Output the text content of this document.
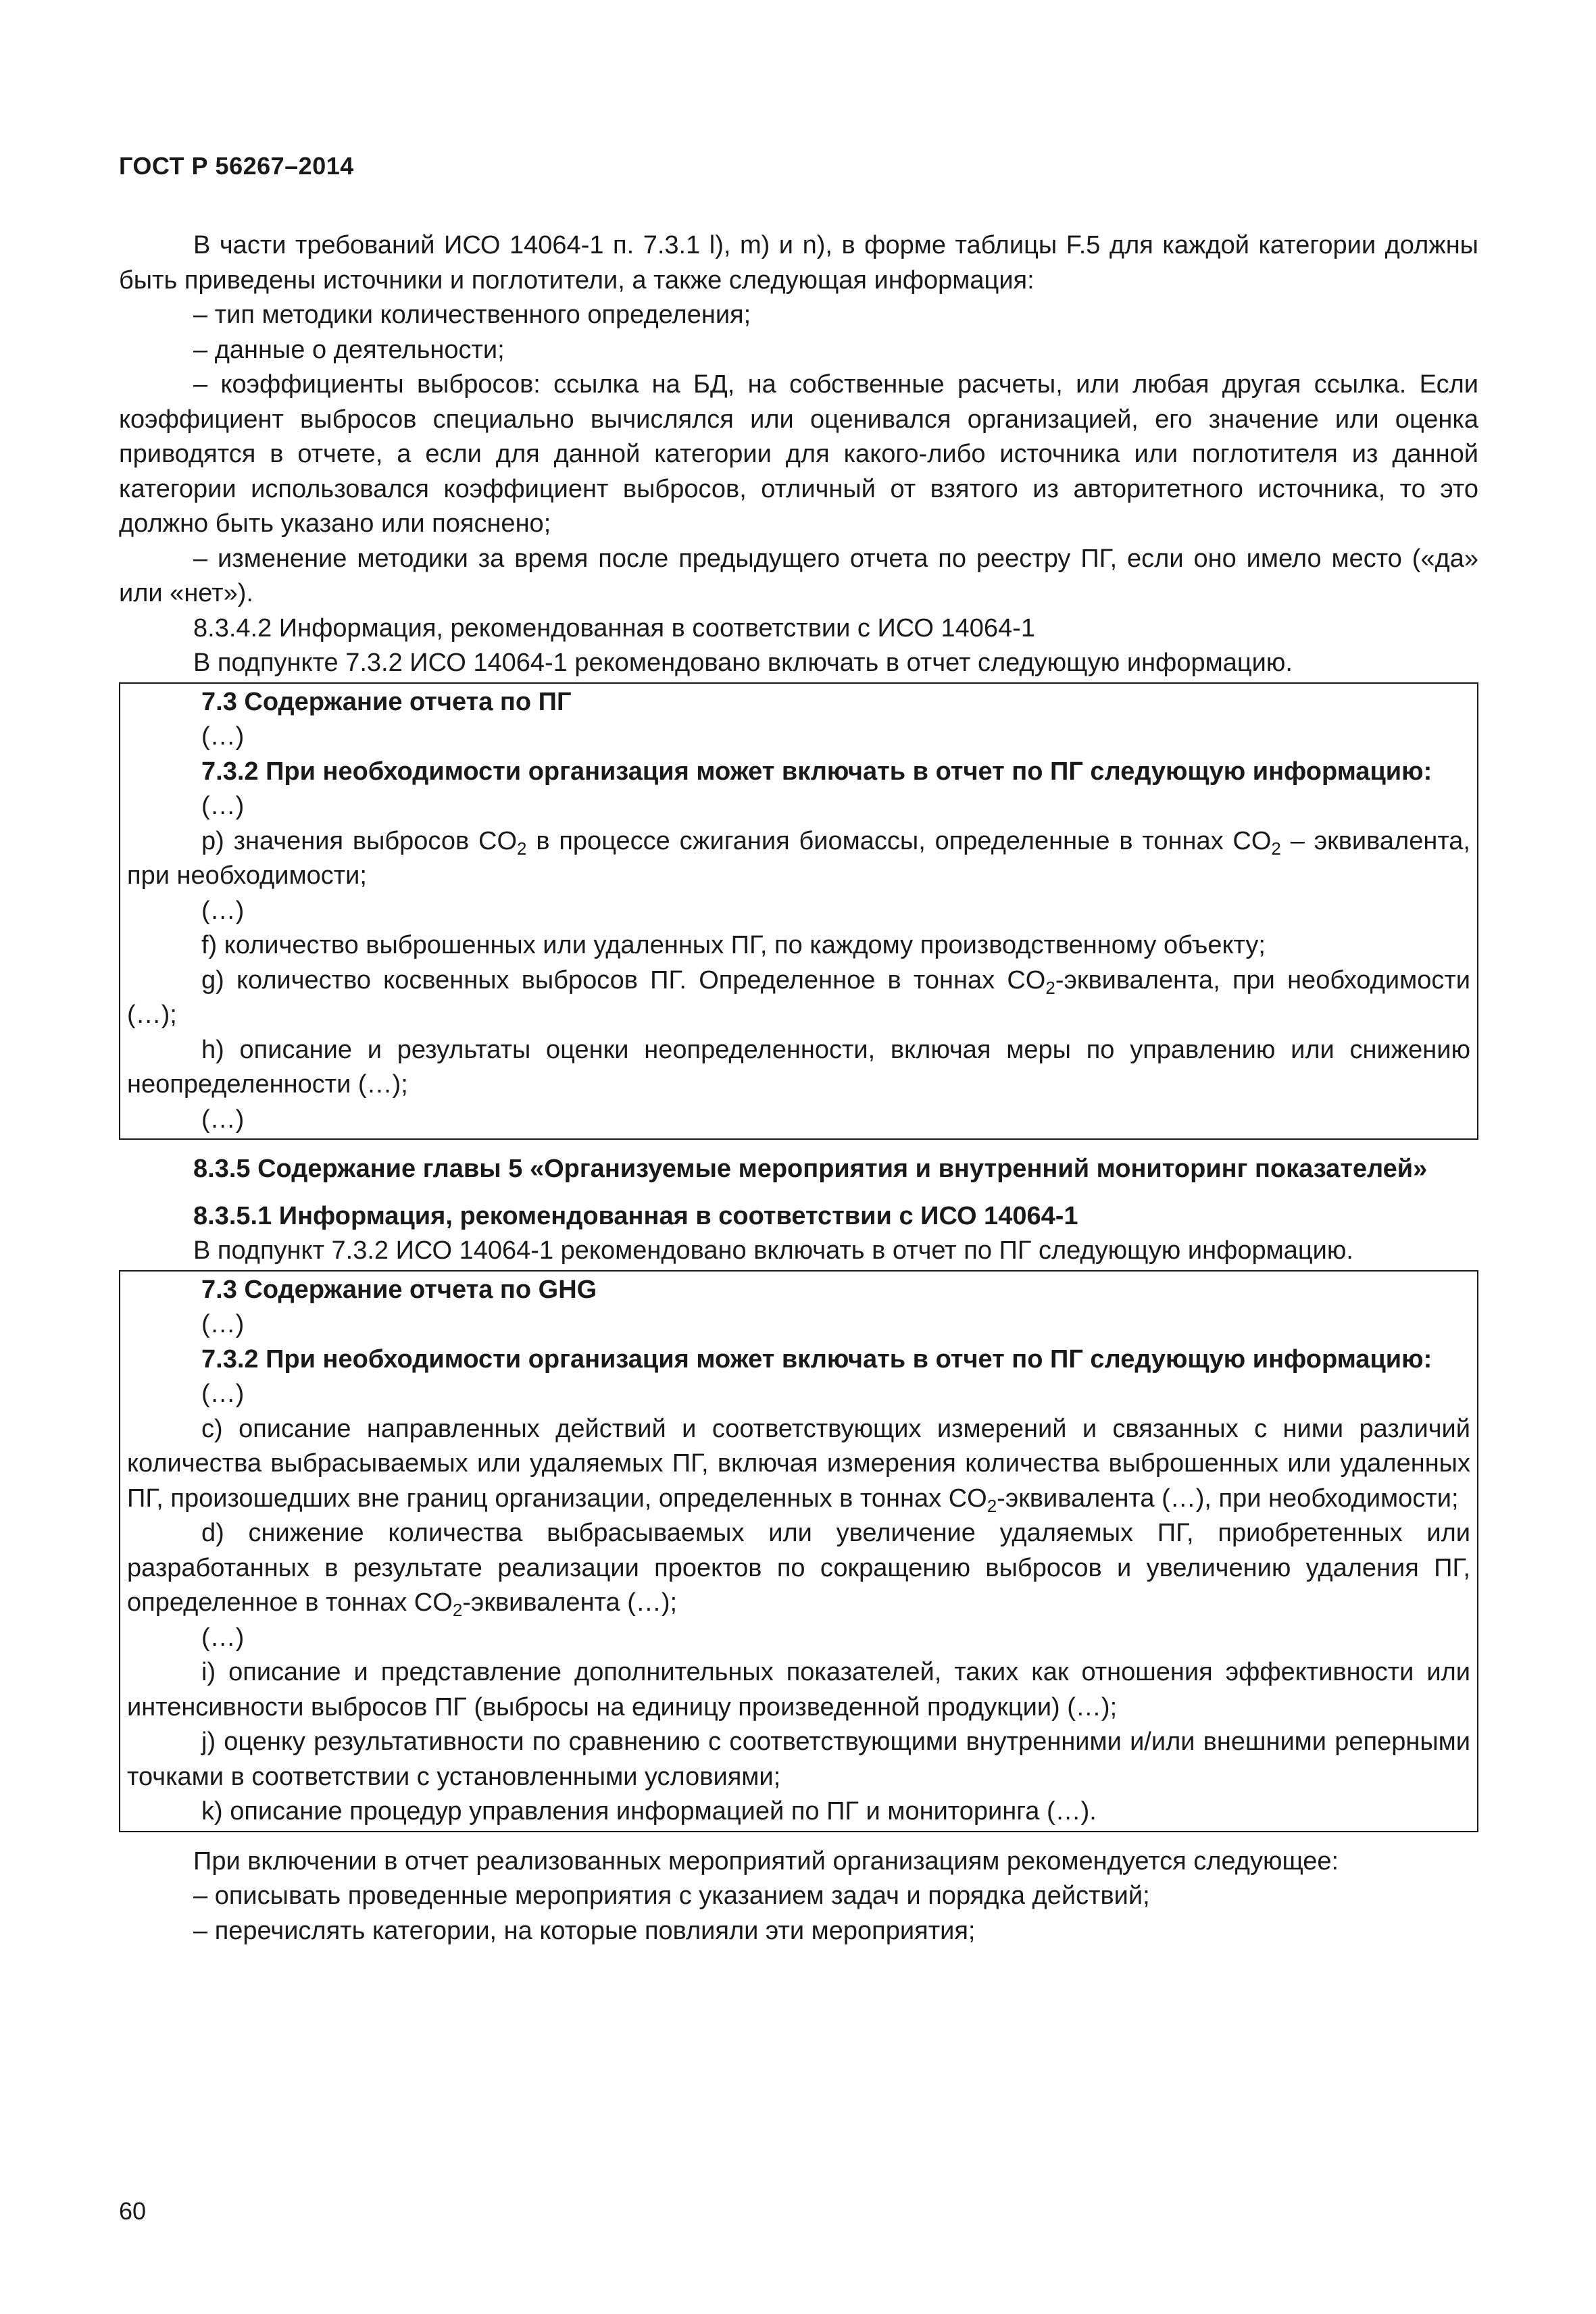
ГОСТ Р 56267–2014

В части требований ИСО 14064-1 п. 7.3.1 l), m) и n), в форме таблицы F.5 для каждой категории должны быть приведены источники и поглотители, а также следующая информация:

– тип методики количественного определения;

– данные о деятельности;

– коэффициенты выбросов: ссылка на БД, на собственные расчеты, или любая другая ссылка. Если коэффициент выбросов специально вычислялся или оценивался организацией, его значение или оценка приводятся в отчете, а если для данной категории для какого-либо источника или поглотителя из данной категории использовался коэффициент выбросов, отличный от взятого из авторитетного источника, то это должно быть указано или пояснено;

– изменение методики за время после предыдущего отчета по реестру ПГ, если оно имело место («да» или «нет»).

8.3.4.2 Информация, рекомендованная в соответствии с ИСО 14064-1

В подпункте 7.3.2 ИСО 14064-1 рекомендовано включать в отчет следующую информацию.

7.3 Содержание отчета по ПГ

(…)

7.3.2 При необходимости организация может включать в отчет по ПГ следующую информацию:

(…)

p) значения выбросов $CO_2$ в процессе сжигания биомассы, определенные в тоннах $CO_2$ – эквивалента, при необходимости;

(…)

f) количество выброшенных или удаленных ПГ, по каждому производственному объекту;

g) количество косвенных выбросов ПГ. Определенное в тоннах $CO_2$-эквивалента, при необходимости (…);

h) описание и результаты оценки неопределенности, включая меры по управлению или снижению неопределенности (…);

(…)

8.3.5 Содержание главы 5 «Организуемые мероприятия и внутренний мониторинг показателей»

8.3.5.1 Информация, рекомендованная в соответствии с ИСО 14064-1

В подпункт 7.3.2 ИСО 14064-1 рекомендовано включать в отчет по ПГ следующую информацию.

7.3 Содержание отчета по GHG

(…)

7.3.2 При необходимости организация может включать в отчет по ПГ следующую информацию:

(…)

c) описание направленных действий и соответствующих измерений и связанных с ними различий количества выбрасываемых или удаляемых ПГ, включая измерения количества выброшенных или удаленных ПГ, произошедших вне границ организации, определенных в тоннах $CO_2$-эквивалента (…), при необходимости;

d) снижение количества выбрасываемых или увеличение удаляемых ПГ, приобретенных или разработанных в результате реализации проектов по сокращению выбросов и увеличению удаления ПГ, определенное в тоннах $CO_2$-эквивалента (…);

(…)

i) описание и представление дополнительных показателей, таких как отношения эффективности или интенсивности выбросов ПГ (выбросы на единицу произведенной продукции) (…);

j) оценку результативности по сравнению с соответствующими внутренними и/или внешними реперными точками в соответствии с установленными условиями;

k) описание процедур управления информацией по ПГ и мониторинга (…).

При включении в отчет реализованных мероприятий организациям рекомендуется следующее:

– описывать проведенные мероприятия с указанием задач и порядка действий;

– перечислять категории, на которые повлияли эти мероприятия;

60
